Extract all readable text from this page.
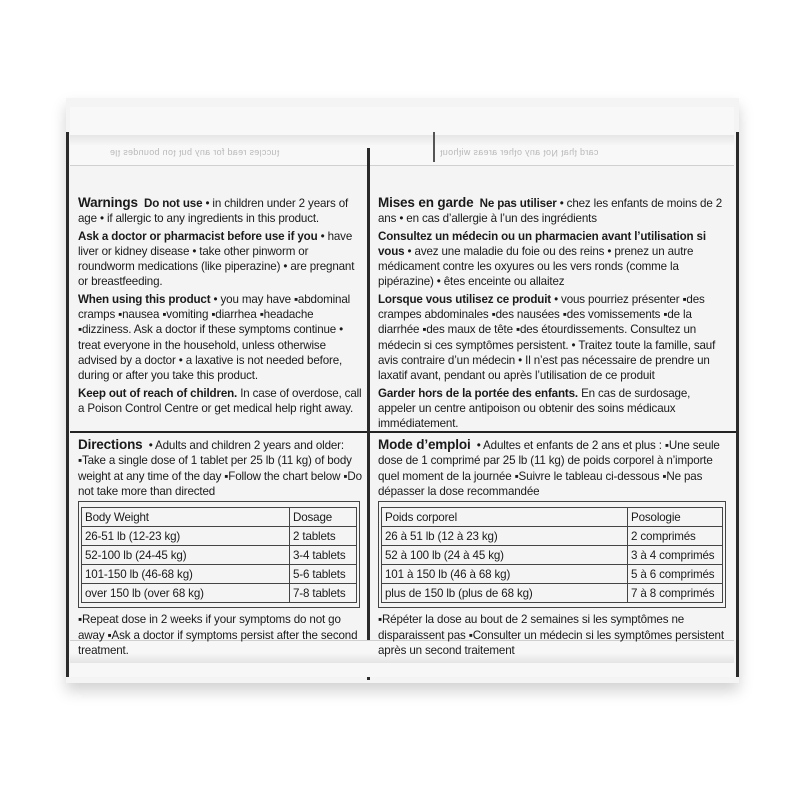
ǝlʇ sǝpunoq uoʇ ʇnq ʎuɐ ɹoɟ pɐǝɹ sǝlɔɔnʇ	ʇnoɥʇᴉʍ sɐǝɹɐ ɹǝɥʇo ʎuɐ ʇoN ʇɐɥʇ pɹɐɔ

Warnings Do not use • in children under 2 years of age • if allergic to any ingredients in this product.

Ask a doctor or pharmacist before use if you • have liver or kidney disease • take other pinworm or roundworm medications (like piperazine) • are pregnant or breastfeeding.

When using this product • you may have ▪abdominal cramps ▪nausea ▪vomiting ▪diarrhea ▪headache ▪dizziness. Ask a doctor if these symptoms continue • treat everyone in the household, unless otherwise advised by a doctor • a laxative is not needed before, during or after you take this product.

Keep out of reach of children. In case of overdose, call a Poison Control Centre or get medical help right away.

Mises en garde Ne pas utiliser • chez les enfants de moins de 2 ans • en cas d’allergie à l’un des ingrédients

Consultez un médecin ou un pharmacien avant l’utilisation si vous • avez une maladie du foie ou des reins • prenez un autre médicament contre les oxyures ou les vers ronds (comme la pipérazine) • êtes enceinte ou allaitez

Lorsque vous utilisez ce produit • vous pourriez présenter ▪des crampes abdominales ▪des nausées ▪des vomissements ▪de la diarrhée ▪des maux de tête ▪des étourdissements. Consultez un médecin si ces symptômes persistent. • Traitez toute la famille, sauf avis contraire d’un médecin • Il n’est pas nécessaire de prendre un laxatif avant, pendant ou après l’utilisation de ce produit

Garder hors de la portée des enfants. En cas de surdosage, appeler un centre antipoison ou obtenir des soins médicaux immédiatement.

Directions • Adults and children 2 years and older: ▪Take a single dose of 1 tablet per 25 lb (11 kg) of body weight at any time of the day ▪Follow the chart below ▪Do not take more than directed

Body Weight	Dosage
26-51 lb (12-23 kg)	2 tablets
52-100 lb (24-45 kg)	3-4 tablets
101-150 lb (46-68 kg)	5-6 tablets
over 150 lb (over 68 kg)	7-8 tablets

▪Repeat dose in 2 weeks if your symptoms do not go away ▪Ask a doctor if symptoms persist after the second treatment.

Mode d’emploi • Adultes et enfants de 2 ans et plus : ▪Une seule dose de 1 comprimé par 25 lb (11 kg) de poids corporel à n’importe quel moment de la journée ▪Suivre le tableau ci-dessous ▪Ne pas dépasser la dose recommandée

Poids corporel	Posologie
26 à 51 lb (12 à 23 kg)	2 comprimés
52 à 100 lb (24 à 45 kg)	3 à 4 comprimés
101 à 150 lb (46 à 68 kg)	5 à 6 comprimés
plus de 150 lb (plus de 68 kg)	7 à 8 comprimés

▪Répéter la dose au bout de 2 semaines si les symptômes ne disparaissent pas ▪Consulter un médecin si les symptômes persistent après un second traitement
